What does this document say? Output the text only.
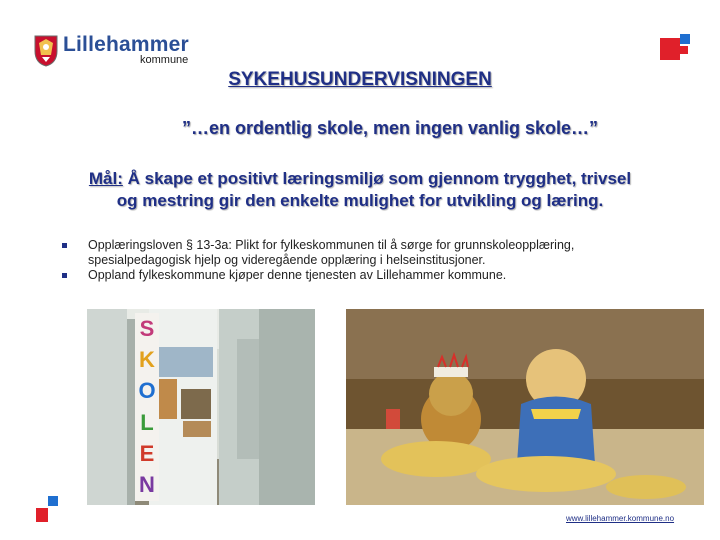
Lillehammer
kommune
SYKEHUSUNDERVISNINGEN
”…en ordentlig skole, men ingen vanlig skole…”
Mål: Å skape et positivt læringsmiljø som gjennom trygghet, trivsel
og mestring gir den enkelte mulighet for utvikling og læring.
Opplæringsloven § 13-3a: Plikt for fylkeskommunen til å sørge for grunnskoleopplæring, spesialpedagogisk hjelp og videregående opplæring i helseinstitusjoner.
Oppland fylkeskommune kjøper denne tjenesten av Lillehammer kommune.
S
K
O
L
E
N
www.lillehammer.kommune.no
